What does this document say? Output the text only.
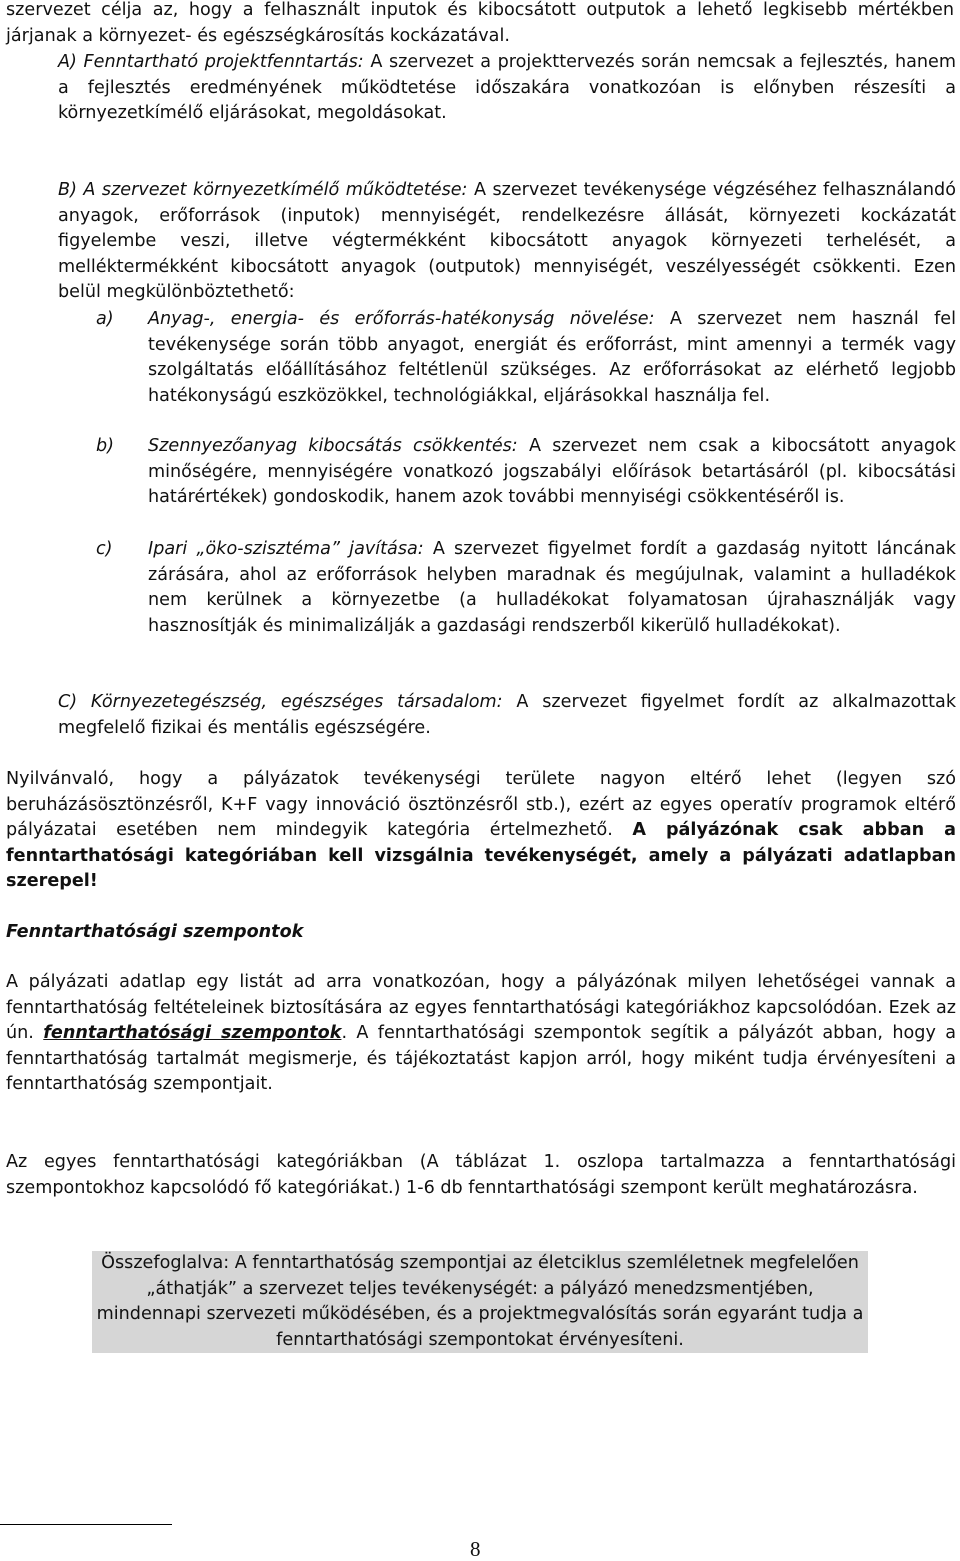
szervezet célja az, hogy a felhasznált inputok és kibocsátott outputok a lehető legkisebb mértékben járjanak a környezet- és egészségkárosítás kockázatával.

A) Fenntartható projektfenntartás: A szervezet a projekttervezés során nemcsak a fejlesztés, hanem a fejlesztés eredményének működtetése időszakára vonatkozóan is előnyben részesíti a környezetkímélő eljárásokat, megoldásokat.

B) A szervezet környezetkímélő működtetése: A szervezet tevékenysége végzéséhez felhasználandó anyagok, erőforrások (inputok) mennyiségét, rendelkezésre állását, környezeti kockázatát figyelembe veszi, illetve végtermékként kibocsátott anyagok környezeti terhelését, a melléktermékként kibocsátott anyagok (outputok) mennyiségét, veszélyességét csökkenti. Ezen belül megkülönböztethető:

a) Anyag-, energia- és erőforrás-hatékonyság növelése: A szervezet nem használ fel tevékenysége során több anyagot, energiát és erőforrást, mint amennyi a termék vagy szolgáltatás előállításához feltétlenül szükséges. Az erőforrásokat az elérhető legjobb hatékonyságú eszközökkel, technológiákkal, eljárásokkal használja fel.

b) Szennyezőanyag kibocsátás csökkentés: A szervezet nem csak a kibocsátott anyagok minőségére, mennyiségére vonatkozó jogszabályi előírások betartásáról (pl. kibocsátási határértékek) gondoskodik, hanem azok további mennyiségi csökkentéséről is.

c) Ipari „öko-szisztéma” javítása: A szervezet figyelmet fordít a gazdaság nyitott láncának zárására, ahol az erőforrások helyben maradnak és megújulnak, valamint a hulladékok nem kerülnek a környezetbe (a hulladékokat folyamatosan újrahasználják vagy hasznosítják és minimalizálják a gazdasági rendszerből kikerülő hulladékokat).

C) Környezetegészség, egészséges társadalom: A szervezet figyelmet fordít az alkalmazottak megfelelő fizikai és mentális egészségére.

Nyilvánvaló, hogy a pályázatok tevékenységi területe nagyon eltérő lehet (legyen szó beruházásösztönzésről, K+F vagy innováció ösztönzésről stb.), ezért az egyes operatív programok eltérő pályázatai esetében nem mindegyik kategória értelmezhető. A pályázónak csak abban a fenntarthatósági kategóriában kell vizsgálnia tevékenységét, amely a pályázati adatlapban szerepel!

Fenntarthatósági szempontok

A pályázati adatlap egy listát ad arra vonatkozóan, hogy a pályázónak milyen lehetőségei vannak a fenntarthatóság feltételeinek biztosítására az egyes fenntarthatósági kategóriákhoz kapcsolódóan. Ezek az ún. fenntarthatósági szempontok. A fenntarthatósági szempontok segítik a pályázót abban, hogy a fenntarthatóság tartalmát megismerje, és tájékoztatást kapjon arról, hogy miként tudja érvényesíteni a fenntarthatóság szempontjait.

Az egyes fenntarthatósági kategóriákban (A táblázat 1. oszlopa tartalmazza a fenntarthatósági szempontokhoz kapcsolódó fő kategóriákat.) 1-6 db fenntarthatósági szempont került meghatározásra.

Összefoglalva: A fenntarthatóság szempontjai az életciklus szemléletnek megfelelően „áthatják” a szervezet teljes tevékenységét: a pályázó menedzsmentjében, mindennapi szervezeti működésében, és a projektmegvalósítás során egyaránt tudja a fenntarthatósági szempontokat érvényesíteni.

8
